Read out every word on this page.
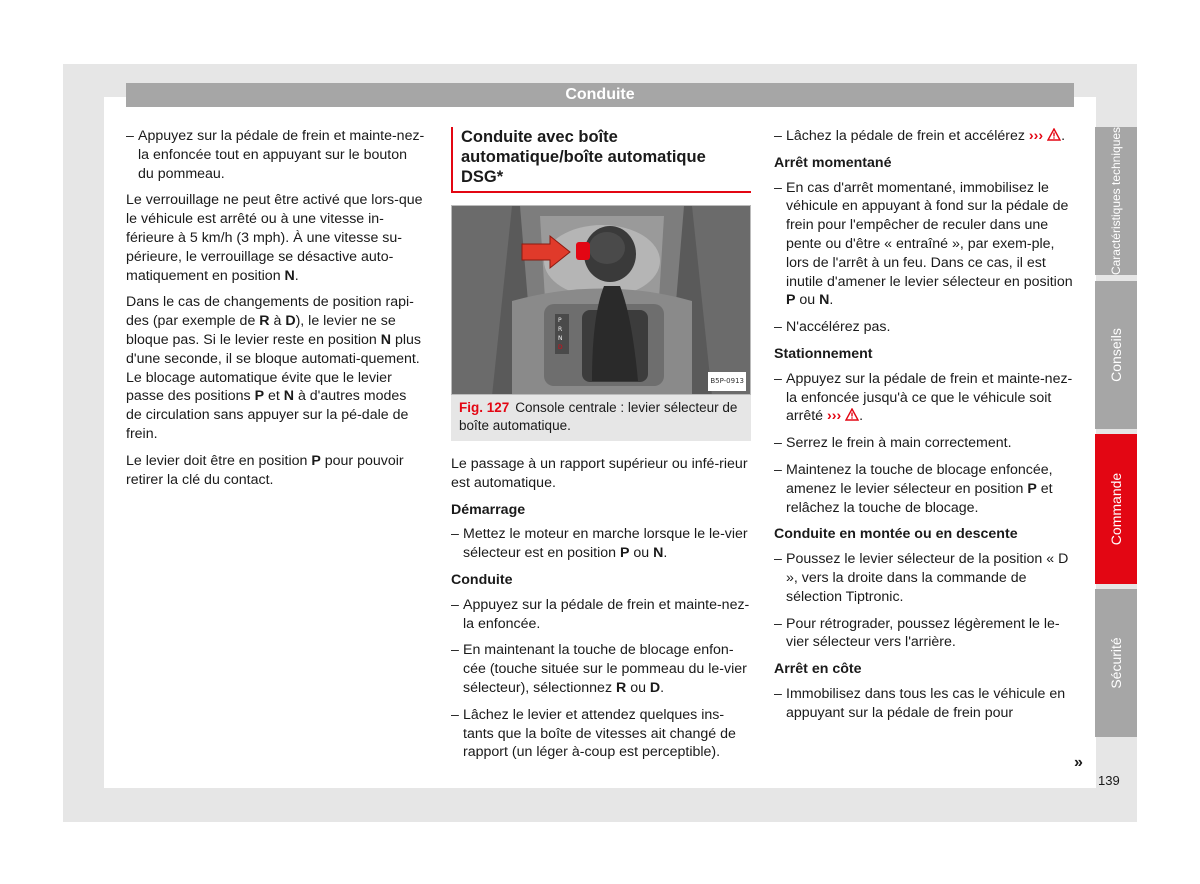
Conduite
– Appuyez sur la pédale de frein et mainte-nez-la enfoncée tout en appuyant sur le bouton du pommeau.

Le verrouillage ne peut être activé que lors-que le véhicule est arrêté ou à une vitesse in-férieure à 5 km/h (3 mph). À une vitesse su-périeure, le verrouillage se désactive auto-matiquement en position N.

Dans le cas de changements de position rapi-des (par exemple de R à D), le levier ne se bloque pas. Si le levier reste en position N plus d'une seconde, il se bloque automati-quement. Le blocage automatique évite que le levier passe des positions P et N à d'autres modes de circulation sans appuyer sur la pé-dale de frein.

Le levier doit être en position P pour pouvoir retirer la clé du contact.

Conduite avec boîte automatique/boîte automatique DSG*
P
R
N
D
B5P-0913
Fig. 127 Console centrale : levier sélecteur de boîte automatique.

Le passage à un rapport supérieur ou infé-rieur est automatique.

Démarrage
– Mettez le moteur en marche lorsque le le-vier sélecteur est en position P ou N.
Conduite
– Appuyez sur la pédale de frein et mainte-nez-la enfoncée.
– En maintenant la touche de blocage enfon-cée (touche située sur le pommeau du le-vier sélecteur), sélectionnez R ou D.
– Lâchez le levier et attendez quelques ins-tants que la boîte de vitesses ait changé de rapport (un léger à-coup est perceptible).
– Lâchez la pédale de frein et accélérez ››› .
Arrêt momentané
– En cas d'arrêt momentané, immobilisez le véhicule en appuyant à fond sur la pédale de frein pour l'empêcher de reculer dans une pente ou d'être « entraîné », par exem-ple, lors de l'arrêt à un feu. Dans ce cas, il est inutile d'amener le levier sélecteur en position P ou N.
– N'accélérez pas.
Stationnement
– Appuyez sur la pédale de frein et mainte-nez-la enfoncée jusqu'à ce que le véhicule soit arrêté ››› .
– Serrez le frein à main correctement.
– Maintenez la touche de blocage enfoncée, amenez le levier sélecteur en position P et relâchez la touche de blocage.
Conduite en montée ou en descente
– Poussez le levier sélecteur de la position « D », vers la droite dans la commande de sélection Tiptronic.
– Pour rétrograder, poussez légèrement le le-vier sélecteur vers l'arrière.
Arrêt en côte
– Immobilisez dans tous les cas le véhicule en appuyant sur la pédale de frein pour
Caractéristiques techniques
Conseils
Commande
Sécurité
»
139
